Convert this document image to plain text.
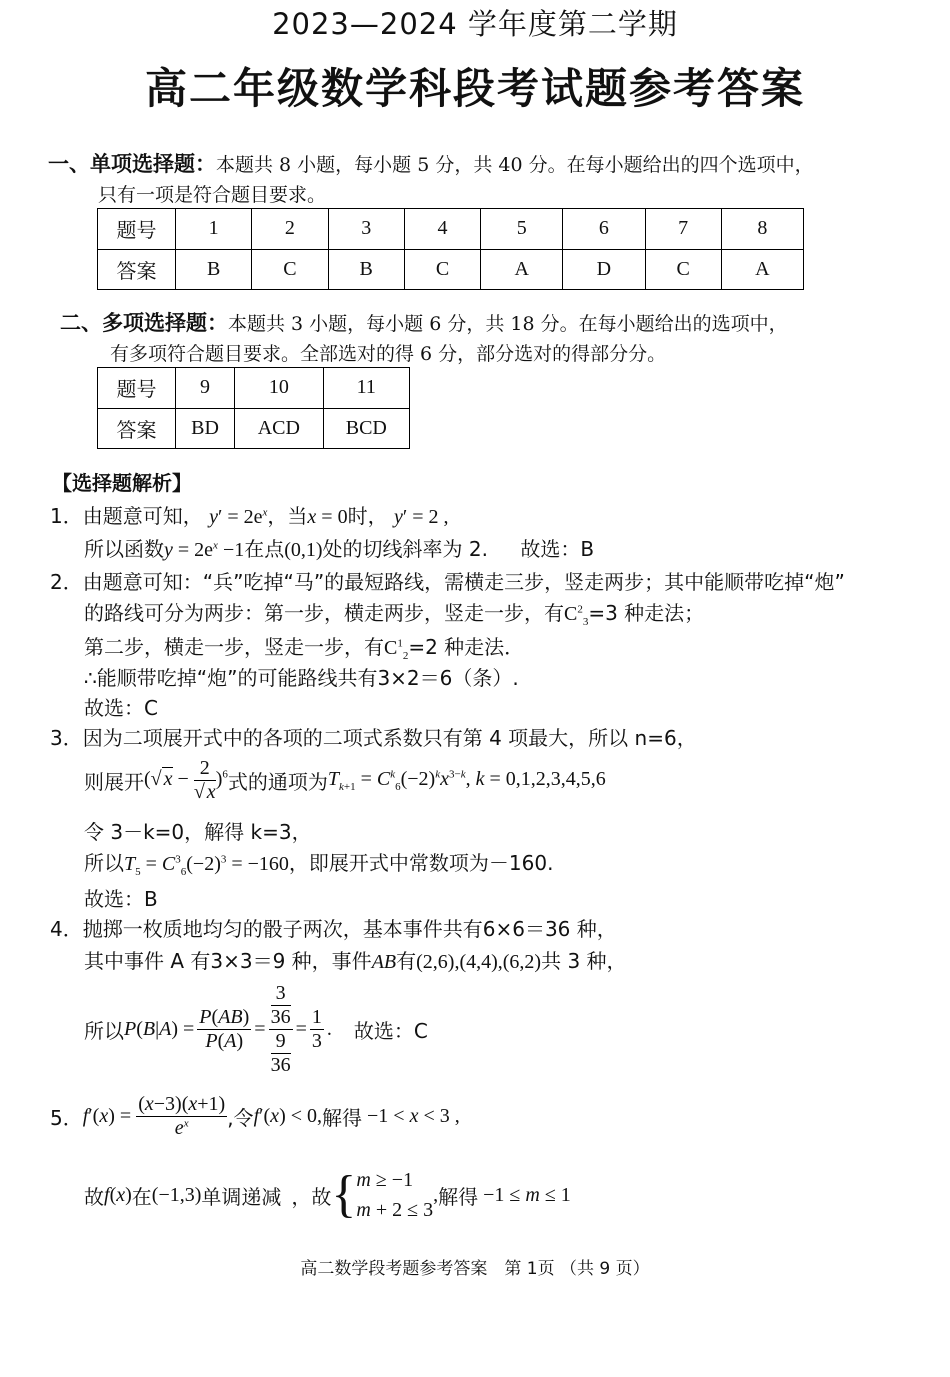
2023—2024 学年度第二学期
高二年级数学科段考试题参考答案
一、单项选择题：本题共 8 小题，每小题 5 分，共 40 分。在每小题给出的四个选项中，
只有一项是符合题目要求。
题号	1	2	3	4	5	6	7	8
答案	B	C	B	C	A	D	C	A
二、多项选择题：本题共 3 小题，每小题 6 分，共 18 分。在每小题给出的选项中，
有多项符合题目要求。全部选对的得 6 分，部分选对的得部分分。
题号	9	10	11
答案	BD	ACD	BCD
【选择题解析】
1．由题意可知， $y' = 2e^x$，当x = 0时， y′ = 2 ,
所以函数$y = 2e^x -1$在点(0,1)处的切线斜率为 2. 故选：B
2．由题意可知：“兵”吃掉“马”的最短路线，需横走三步，竖走两步；其中能顺带吃掉“炮”
的路线可分为两步：第一步，横走两步，竖走一步，有$C^2_3=3$ 种走法；
第二步，横走一步，竖走一步，有$C^1_2=2$ 种走法．
∴能顺带吃掉“炮”的可能路线共有3×2＝6（条）.
故选：C
3．因为二项展开式中的各项的二项式系数只有第 4 项最大，所以 n=6，
则展开 (√ $x - \frac{2}{√ x} )^6$ 式的通项为 $T_{k+1} = C^k_6(-2)^kx^{3-k}$, k = 0,1,2,3,4,5,6
令 3－k=0，解得 k=3，
所以$T_5 = C^3_6(-2)^3 = -160$，即展开式中常数项为－160.
故选：B
4．抛掷一枚质地均匀的骰子两次，基本事件共有6×6＝36 种，
其中事件 A 有3×3＝9 种，事件AB有(2,6),(4,4),(6,2)共 3 种，
所以 P ( B | A ) = $\frac{P(AB)}{P(A)} = \frac{\frac{3}{36}}{\frac{9}{36}} = \frac{1}{3}$ . 故选：C
5． f ′( x ) = $\frac{(x-3)(x+1)}{e^x}$ ,令 f′(x) < 0, 解得 −1 < x < 3 ,
故 f(x) 在 (−1,3) 单调递减 ，故 { m ≥ −1
m + 2 ≤ 3
, 解得 −1 ≤ m ≤ 1
高二数学段考题参考答案　第 1页 （共 9 页）
